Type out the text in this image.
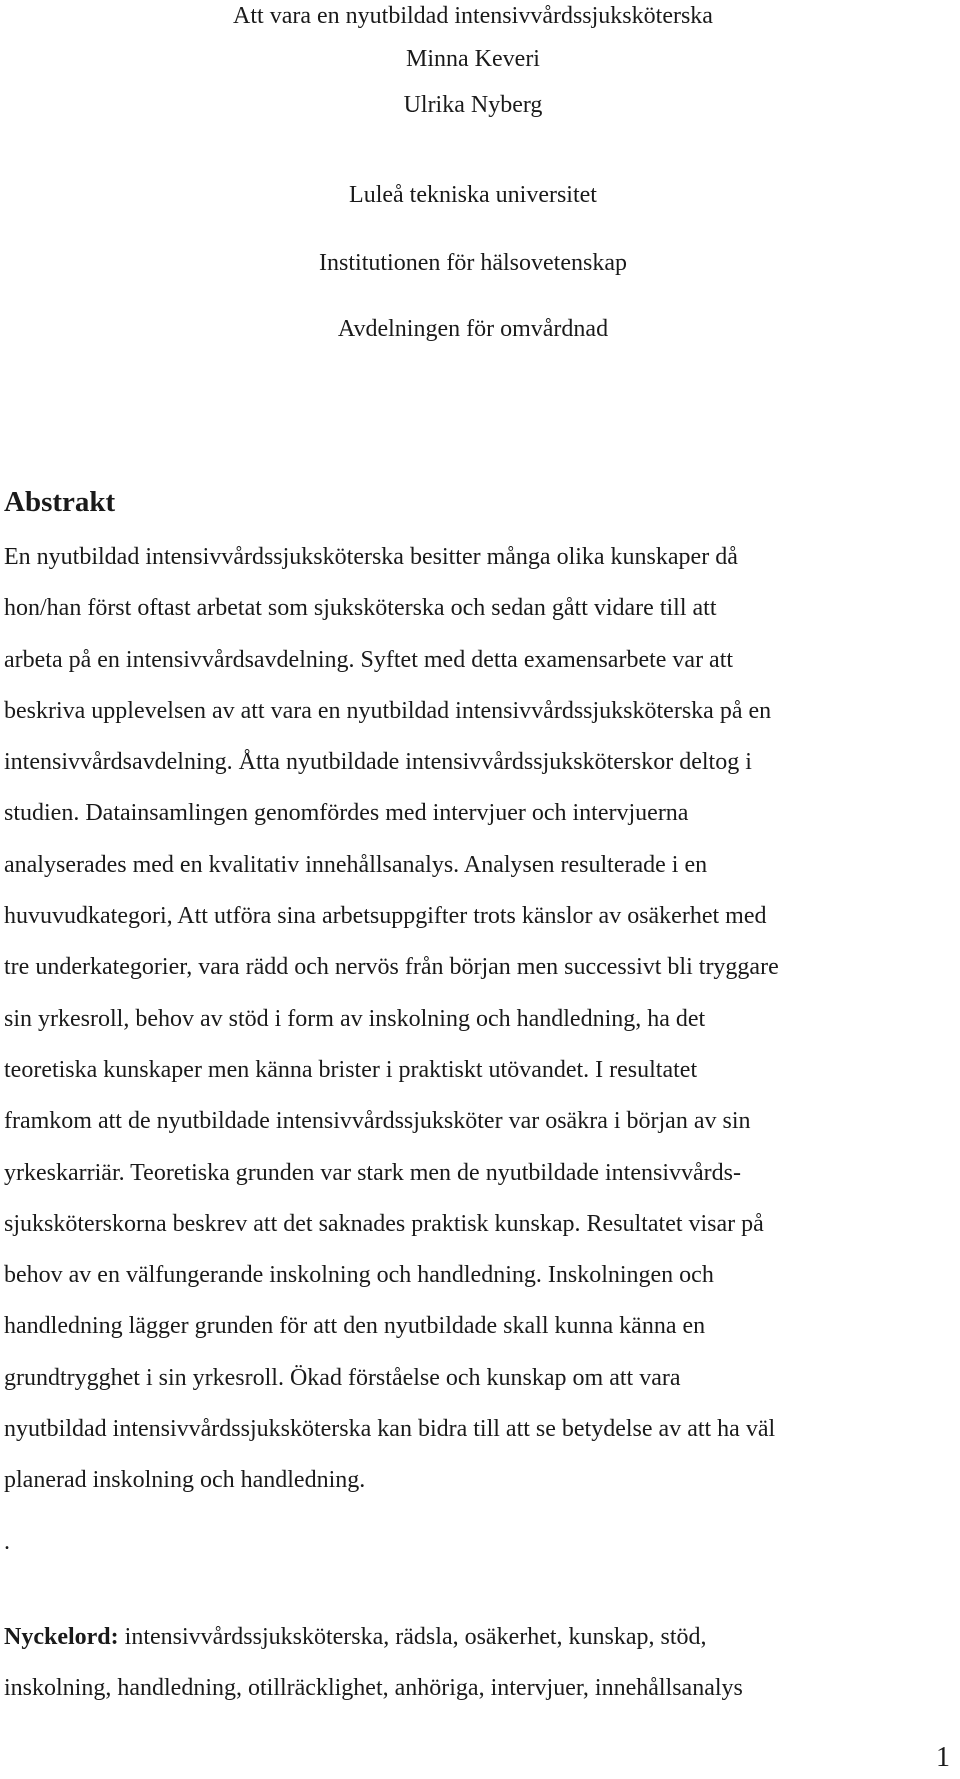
Att vara en nyutbildad intensivvårdssjuksköterska
Minna Keveri
Ulrika Nyberg
Luleå tekniska universitet
Institutionen för hälsovetenskap
Avdelningen för omvårdnad
Abstrakt
En nyutbildad intensivvårdssjuksköterska besitter många olika kunskaper då
hon/han först oftast arbetat som sjuksköterska och sedan gått vidare till att
arbeta på en intensivvårdsavdelning. Syftet med detta examensarbete var att
beskriva upplevelsen av att vara en nyutbildad intensivvårdssjuksköterska på en
intensivvårdsavdelning. Åtta nyutbildade intensivvårdssjuksköterskor deltog i
studien. Datainsamlingen genomfördes med intervjuer och intervjuerna
analyserades med en kvalitativ innehållsanalys. Analysen resulterade i en
huvuvudkategori, Att utföra sina arbetsuppgifter trots känslor av osäkerhet med
tre underkategorier, vara rädd och nervös från början men successivt bli tryggare
sin yrkesroll, behov av stöd i form av inskolning och handledning, ha det
teoretiska kunskaper men känna brister i praktiskt utövandet. I resultatet
framkom att de nyutbildade intensivvårdssjuksköter var osäkra i början av sin
yrkeskarriär. Teoretiska grunden var stark men de nyutbildade intensivvårds-
sjuksköterskorna beskrev att det saknades praktisk kunskap. Resultatet visar på
behov av en välfungerande inskolning och handledning. Inskolningen och
handledning lägger grunden för att den nyutbildade skall kunna känna en
grundtrygghet i sin yrkesroll. Ökad förståelse och kunskap om att vara
nyutbildad intensivvårdssjuksköterska kan bidra till att se betydelse av att ha väl
planerad inskolning och handledning.
.
Nyckelord: intensivvårdssjuksköterska, rädsla, osäkerhet, kunskap, stöd,
inskolning, handledning, otillräcklighet, anhöriga, intervjuer, innehållsanalys
1
